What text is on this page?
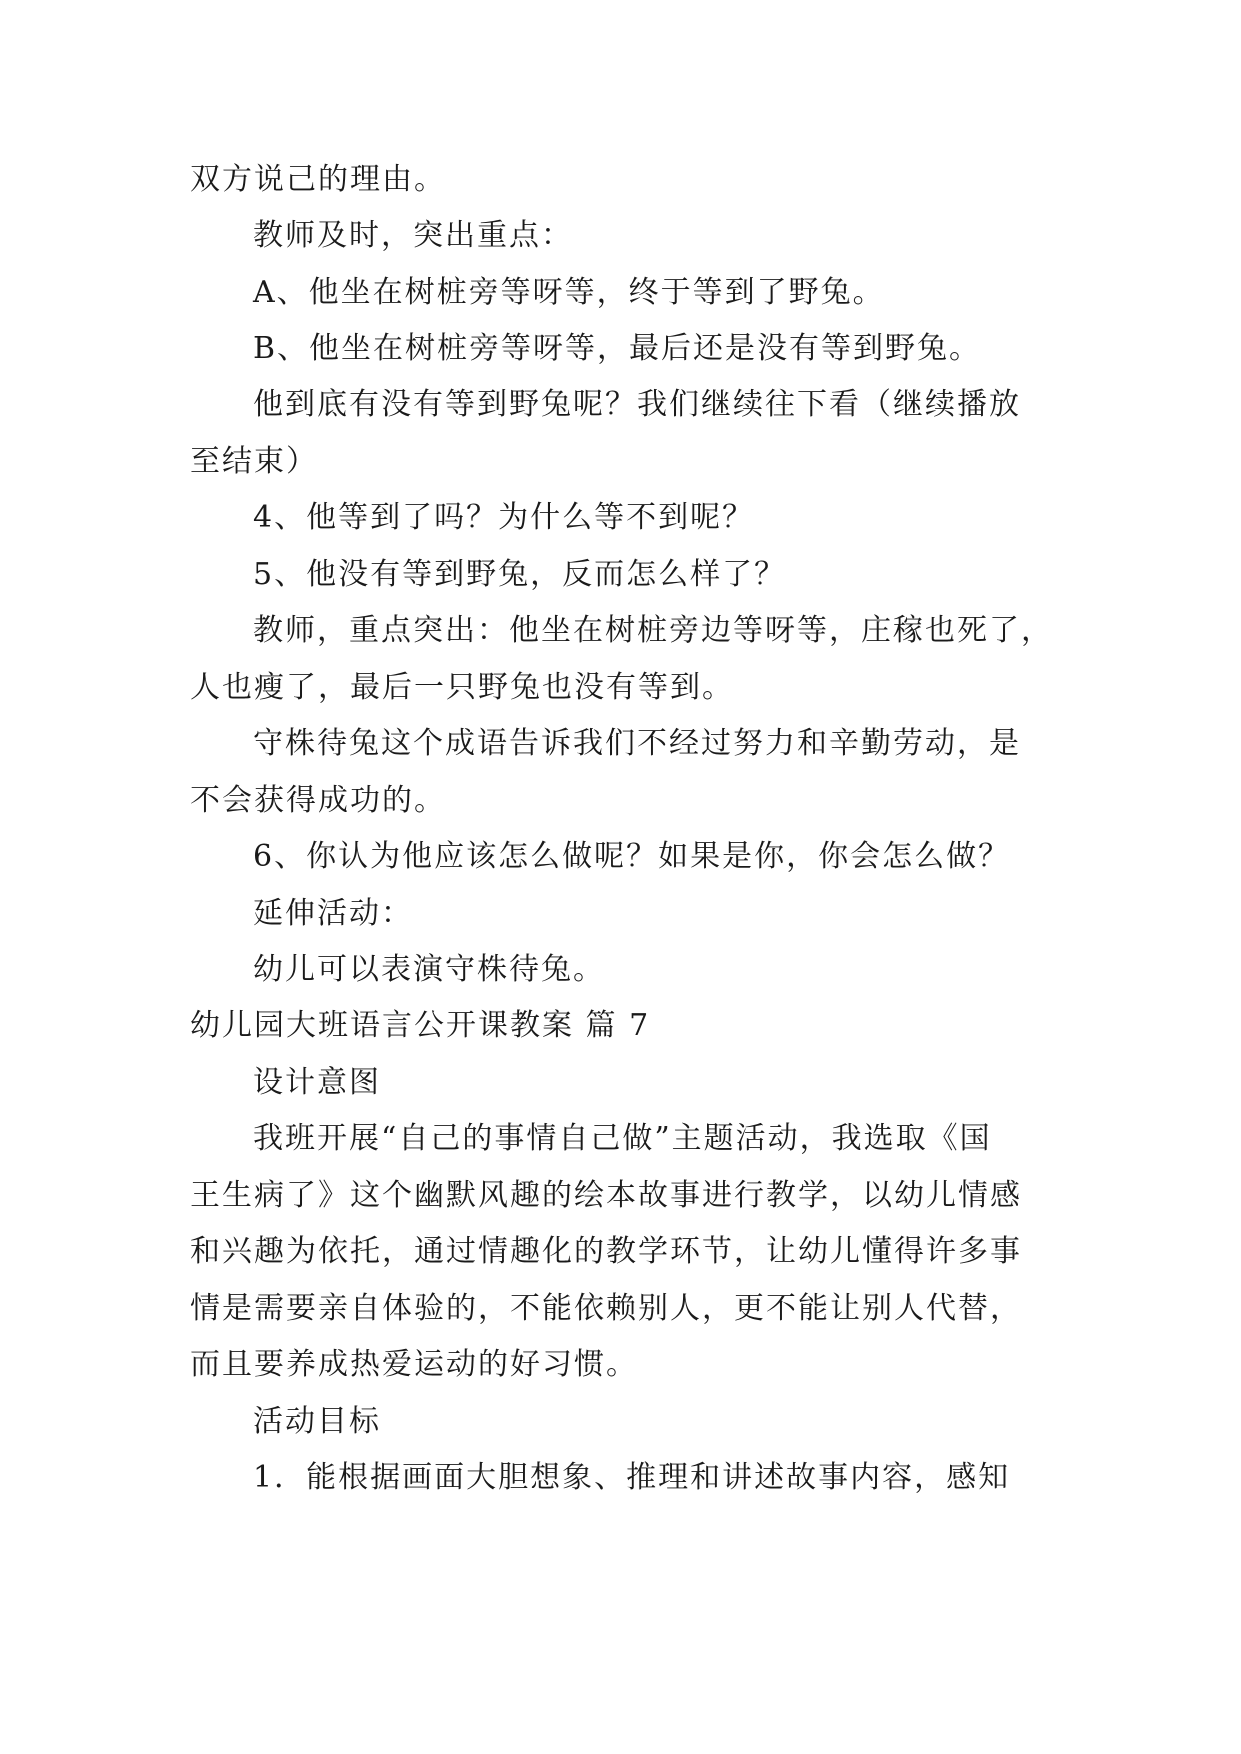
双方说己的理由。
教师及时，突出重点：
A、他坐在树桩旁等呀等，终于等到了野兔。
B、他坐在树桩旁等呀等，最后还是没有等到野兔。
他到底有没有等到野兔呢？我们继续往下看（继续播放
至结束）
4、他等到了吗？为什么等不到呢？
5、他没有等到野兔，反而怎么样了？
教师，重点突出：他坐在树桩旁边等呀等，庄稼也死了，
人也瘦了，最后一只野兔也没有等到。
守株待兔这个成语告诉我们不经过努力和辛勤劳动，是
不会获得成功的。
6、你认为他应该怎么做呢？如果是你，你会怎么做？
延伸活动：
幼儿可以表演守株待兔。
幼儿园大班语言公开课教案 篇 7
设计意图
我班开展“自己的事情自己做”主题活动，我选取《国
王生病了》这个幽默风趣的绘本故事进行教学，以幼儿情感
和兴趣为依托，通过情趣化的教学环节，让幼儿懂得许多事
情是需要亲自体验的，不能依赖别人，更不能让别人代替，
而且要养成热爱运动的好习惯。
活动目标
1．能根据画面大胆想象、推理和讲述故事内容，感知
